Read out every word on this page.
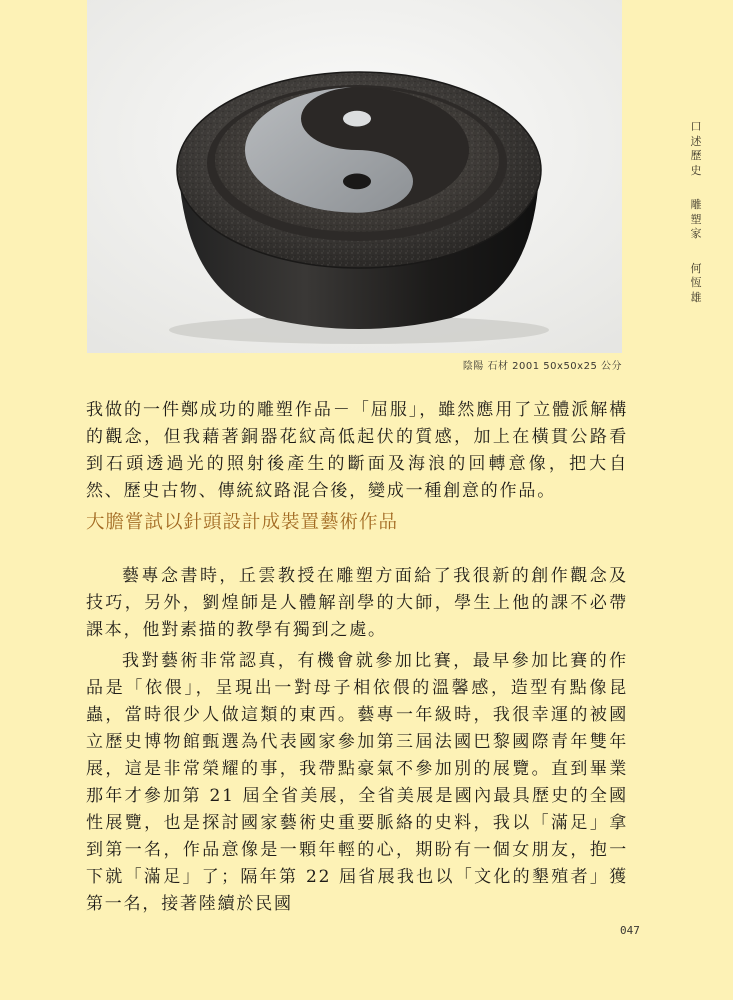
陰陽 石材 2001 50x50x25 公分
口
述
歷
史
雕
塑
家
何
恆
雄
我做的一件鄭成功的雕塑作品－「屈服」，雖然應用了立體派解構的觀念，但我藉著銅器花紋高低起伏的質感，加上在橫貫公路看到石頭透過光的照射後產生的斷面及海浪的回轉意像，把大自然、歷史古物、傳統紋路混合後，變成一種創意的作品。
大膽嘗試以針頭設計成裝置藝術作品
藝專念書時，丘雲教授在雕塑方面給了我很新的創作觀念及技巧，另外，劉煌師是人體解剖學的大師，學生上他的課不必帶課本，他對素描的教學有獨到之處。
我對藝術非常認真，有機會就參加比賽，最早參加比賽的作品是「依偎」，呈現出一對母子相依偎的溫馨感，造型有點像昆蟲，當時很少人做這類的東西。藝專一年級時，我很幸運的被國立歷史博物館甄選為代表國家參加第三屆法國巴黎國際青年雙年展，這是非常榮耀的事，我帶點豪氣不參加別的展覽。直到畢業那年才參加第 21 屆全省美展，全省美展是國內最具歷史的全國性展覽，也是探討國家藝術史重要脈絡的史料，我以「滿足」拿到第一名，作品意像是一顆年輕的心，期盼有一個女朋友，抱一下就「滿足」了；隔年第 22 屆省展我也以「文化的墾殖者」獲第一名，接著陸續於民國
047
